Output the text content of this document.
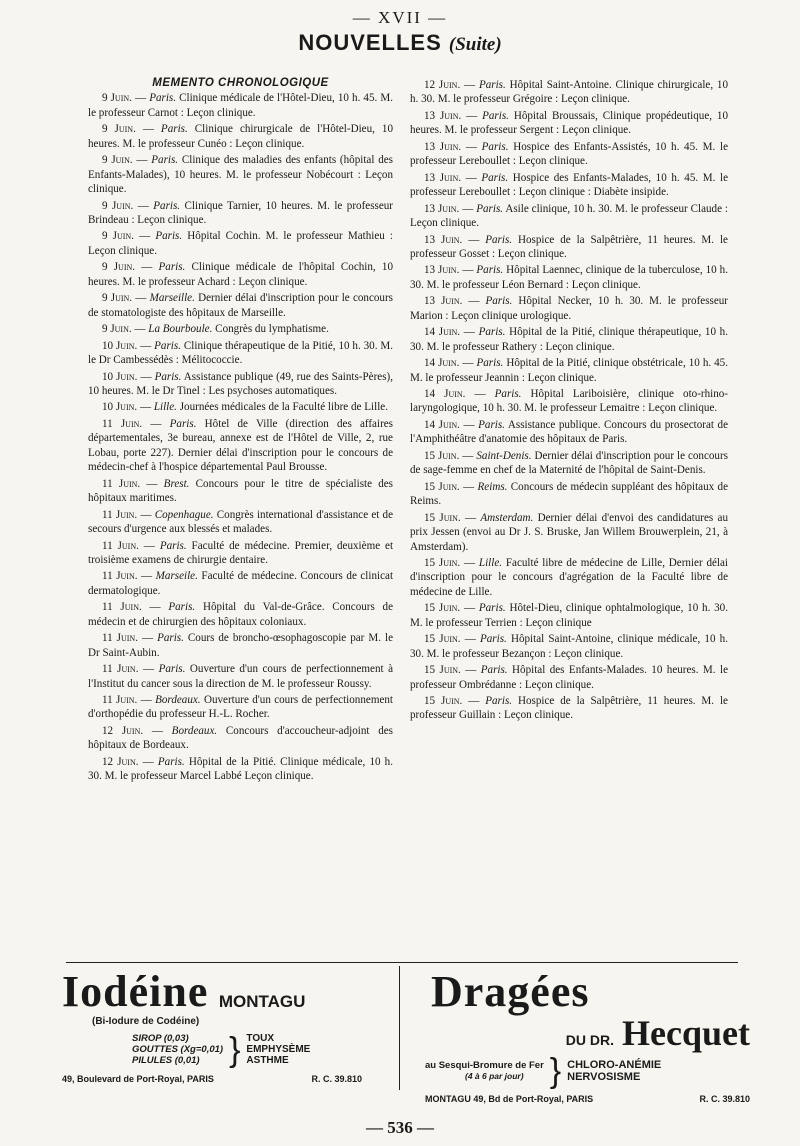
— XVII —
NOUVELLES (Suite)
MEMENTO CHRONOLOGIQUE

9 Juin. — Paris. Clinique médicale de l'Hôtel-Dieu, 10 h. 45. M. le professeur Carnot : Leçon clinique.

9 Juin. — Paris. Clinique chirurgicale de l'Hôtel-Dieu, 10 heures. M. le professeur Cunéo : Leçon clinique.

9 Juin. — Paris. Clinique des maladies des enfants (hôpital des Enfants-Malades), 10 heures. M. le professeur Nobécourt : Leçon clinique.

9 Juin. — Paris. Clinique Tarnier, 10 heures. M. le professeur Brindeau : Leçon clinique.

9 Juin. — Paris. Hôpital Cochin. M. le professeur Mathieu : Leçon clinique.

9 Juin. — Paris. Clinique médicale de l'hôpital Cochin, 10 heures. M. le professeur Achard : Leçon clinique.

9 Juin. — Marseille. Dernier délai d'inscription pour le concours de stomatologiste des hôpitaux de Marseille.

9 Juin. — La Bourboule. Congrès du lymphatisme.

10 Juin. — Paris. Clinique thérapeutique de la Pitié, 10 h. 30. M. le Dr Cambessédès : Mélitococcie.

10 Juin. — Paris. Assistance publique (49, rue des Saints-Pères), 10 heures. M. le Dr Tinel : Les psychoses automatiques.

10 Juin. — Lille. Journées médicales de la Faculté libre de Lille.

11 Juin. — Paris. Hôtel de Ville (direction des affaires départementales, 3e bureau, annexe est de l'Hôtel de Ville, 2, rue Lobau, porte 227). Dernier délai d'inscription pour le concours de médecin-chef à l'hospice départemental Paul Brousse.

11 Juin. — Brest. Concours pour le titre de spécialiste des hôpitaux maritimes.

11 Juin. — Copenhague. Congrès international d'assistance et de secours d'urgence aux blessés et malades.

11 Juin. — Paris. Faculté de médecine. Premier, deuxième et troisième examens de chirurgie dentaire.

11 Juin. — Marseile. Faculté de médecine. Concours de clinicat dermatologique.

11 Juin. — Paris. Hôpital du Val-de-Grâce. Concours de médecin et de chirurgien des hôpitaux coloniaux.

11 Juin. — Paris. Cours de broncho-œsophagoscopie par M. le Dr Saint-Aubin.

11 Juin. — Paris. Ouverture d'un cours de perfectionnement à l'Institut du cancer sous la direction de M. le professeur Roussy.

11 Juin. — Bordeaux. Ouverture d'un cours de perfectionnement d'orthopédie du professeur H.-L. Rocher.

12 Juin. — Bordeaux. Concours d'accoucheur-adjoint des hôpitaux de Bordeaux.

12 Juin. — Paris. Hôpital de la Pitié. Clinique médicale, 10 h. 30. M. le professeur Marcel Labbé Leçon clinique.

12 Juin. — Paris. Hôpital Saint-Antoine. Clinique chirurgicale, 10 h. 30. M. le professeur Grégoire : Leçon clinique.

13 Juin. — Paris. Hôpital Broussais, Clinique propédeutique, 10 heures. M. le professeur Sergent : Leçon clinique.

13 Juin. — Paris. Hospice des Enfants-Assistés, 10 h. 45. M. le professeur Lereboullet : Leçon clinique.

13 Juin. — Paris. Hospice des Enfants-Malades, 10 h. 45. M. le professeur Lereboullet : Leçon clinique : Diabète insipide.

13 Juin. — Paris. Asile clinique, 10 h. 30. M. le professeur Claude : Leçon clinique.

13 Juin. — Paris. Hospice de la Salpêtrière, 11 heures. M. le professeur Gosset : Leçon clinique.

13 Juin. — Paris. Hôpital Laennec, clinique de la tuberculose, 10 h. 30. M. le professeur Léon Bernard : Leçon clinique.

13 Juin. — Paris. Hôpital Necker, 10 h. 30. M. le professeur Marion : Leçon clinique urologique.

14 Juin. — Paris. Hôpital de la Pitié, clinique thérapeutique, 10 h. 30. M. le professeur Rathery : Leçon clinique.

14 Juin. — Paris. Hôpital de la Pitié, clinique obstétricale, 10 h. 45. M. le professeur Jeannin : Leçon clinique.

14 Juin. — Paris. Hôpital Lariboisière, clinique oto-rhino-laryngologique, 10 h. 30. M. le professeur Lemaitre : Leçon clinique.

14 Juin. — Paris. Assistance publique. Concours du prosectorat de l'Amphithéâtre d'anatomie des hôpitaux de Paris.

15 Juin. — Saint-Denis. Dernier délai d'inscription pour le concours de sage-femme en chef de la Maternité de l'hôpital de Saint-Denis.

15 Juin. — Reims. Concours de médecin suppléant des hôpitaux de Reims.

15 Juin. — Amsterdam. Dernier délai d'envoi des candidatures au prix Jessen (envoi au Dr J. S. Bruske, Jan Willem Brouwerplein, 21, à Amsterdam).

15 Juin. — Lille. Faculté libre de médecine de Lille, Dernier délai d'inscription pour le concours d'agrégation de la Faculté libre de médecine de Lille.

15 Juin. — Paris. Hôtel-Dieu, clinique ophtalmologique, 10 h. 30. M. le professeur Terrien : Leçon clinique

15 Juin. — Paris. Hôpital Saint-Antoine, clinique médicale, 10 h. 30. M. le professeur Bezançon : Leçon clinique.

15 Juin. — Paris. Hôpital des Enfants-Malades. 10 heures. M. le professeur Ombrédanne : Leçon clinique.

15 Juin. — Paris. Hospice de la Salpêtrière, 11 heures. M. le professeur Guillain : Leçon clinique.

Iodéine MONTAGU
(Bi-Iodure de Codéine)
SIROP (0,03)
GOUTTES (Xg=0,01)
PILULES (0,01) } TOUX
EMPHYSÈME
ASTHME
49, Boulevard de Port-Royal, PARIS	R. C. 39.810
Dragées
DU DR. Hecquet
au Sesqui-Bromure de Fer
(4 à 6 par jour) } CHLORO-ANÉMIE
NERVOSISME
MONTAGU 49, Bd de Port-Royal, PARIS	R. C. 39.810
— 536 —
